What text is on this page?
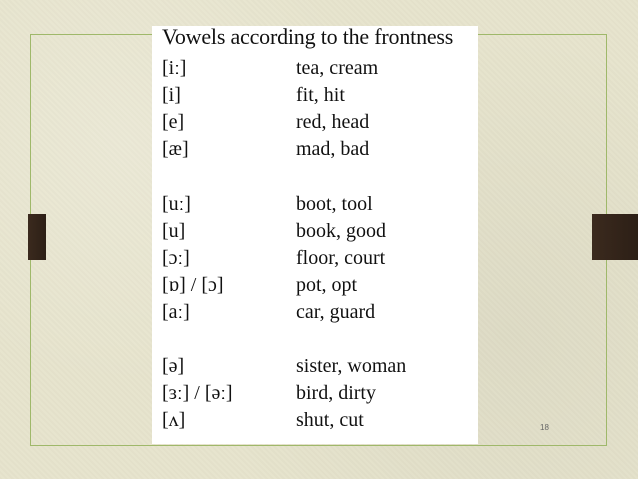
Vowels according to the frontness
[iː]	tea, cream
[i]	fit, hit
[e]	red, head
[æ]	mad, bad
[uː]	boot, tool
[u]	book, good
[ɔː]	floor, court
[ɒ] / [ɔ]	pot, opt
[aː]	car, guard
[ə]	sister, woman
[ɜː] / [əː]	bird, dirty
[ʌ]	shut, cut	18
